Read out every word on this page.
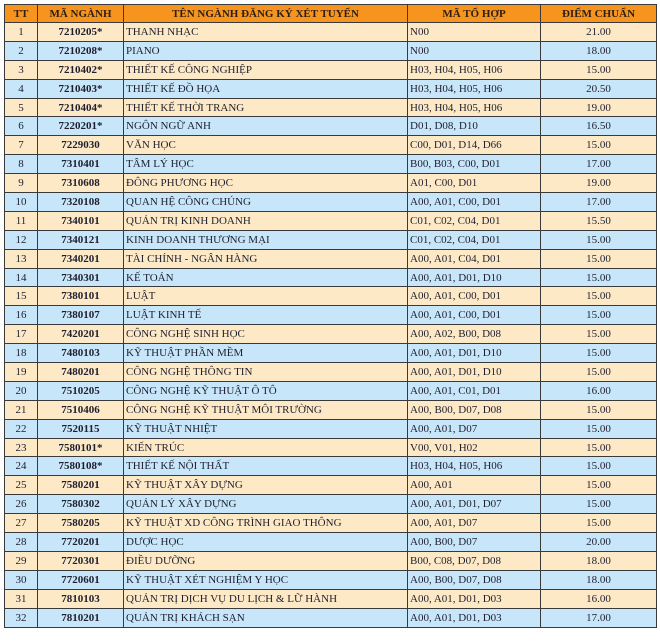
TT	MÃ NGÀNH	TÊN NGÀNH ĐĂNG KÝ XÉT TUYỂN	MÃ TỔ HỢP	ĐIỂM CHUẨN
1	7210205*	THANH NHẠC	N00	21.00
2	7210208*	PIANO	N00	18.00
3	7210402*	THIẾT KẾ CÔNG NGHIỆP	H03, H04, H05, H06	15.00
4	7210403*	THIẾT KẾ ĐỒ HỌA	H03, H04, H05, H06	20.50
5	7210404*	THIẾT KẾ THỜI TRANG	H03, H04, H05, H06	19.00
6	7220201*	NGÔN NGỮ ANH	D01, D08, D10	16.50
7	7229030	VĂN HỌC	C00, D01, D14, D66	15.00
8	7310401	TÂM LÝ HỌC	B00, B03, C00, D01	17.00
9	7310608	ĐÔNG PHƯƠNG HỌC	A01, C00, D01	19.00
10	7320108	QUAN HỆ CÔNG CHÚNG	A00, A01, C00, D01	17.00
11	7340101	QUẢN TRỊ KINH DOANH	C01, C02, C04, D01	15.50
12	7340121	KINH DOANH THƯƠNG MẠI	C01, C02, C04, D01	15.00
13	7340201	TÀI CHÍNH - NGÂN HÀNG	A00, A01, C04, D01	15.00
14	7340301	KẾ TOÁN	A00, A01, D01, D10	15.00
15	7380101	LUẬT	A00, A01, C00, D01	15.00
16	7380107	LUẬT KINH TẾ	A00, A01, C00, D01	15.00
17	7420201	CÔNG NGHỆ SINH HỌC	A00, A02, B00, D08	15.00
18	7480103	KỸ THUẬT PHẦN MỀM	A00, A01, D01, D10	15.00
19	7480201	CÔNG NGHỆ THÔNG TIN	A00, A01, D01, D10	15.00
20	7510205	CÔNG NGHỆ KỸ THUẬT Ô TÔ	A00, A01, C01, D01	16.00
21	7510406	CÔNG NGHỆ KỸ THUẬT MÔI TRƯỜNG	A00, B00, D07, D08	15.00
22	7520115	KỸ THUẬT NHIỆT	A00, A01, D07	15.00
23	7580101*	KIẾN TRÚC	V00, V01, H02	15.00
24	7580108*	THIẾT KẾ NỘI THẤT	H03, H04, H05, H06	15.00
25	7580201	KỸ THUẬT XÂY DỰNG	A00, A01	15.00
26	7580302	QUẢN LÝ XÂY DỰNG	A00, A01, D01, D07	15.00
27	7580205	KỸ THUẬT XD CÔNG TRÌNH GIAO THÔNG	A00, A01, D07	15.00
28	7720201	DƯỢC HỌC	A00, B00, D07	20.00
29	7720301	ĐIỀU DƯỠNG	B00, C08, D07, D08	18.00
30	7720601	KỸ THUẬT XÉT NGHIỆM Y HỌC	A00, B00, D07, D08	18.00
31	7810103	QUẢN TRỊ DỊCH VỤ DU LỊCH & LỮ HÀNH	A00, A01, D01, D03	16.00
32	7810201	QUẢN TRỊ KHÁCH SẠN	A00, A01, D01, D03	17.00
